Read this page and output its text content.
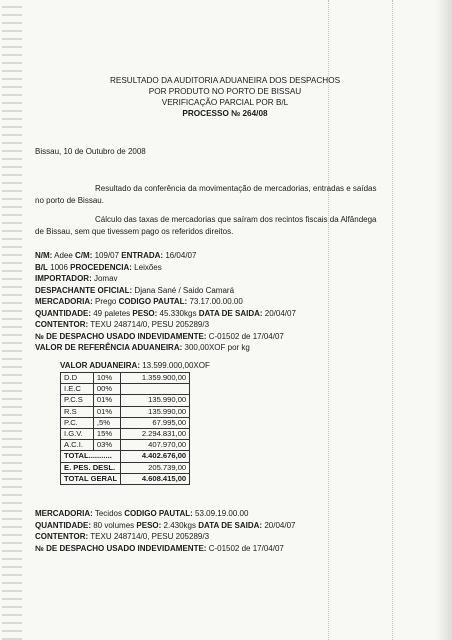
RESULTADO DA AUDITORIA ADUANEIRA DOS DESPACHOS
POR PRODUTO NO PORTO DE BISSAU
VERIFICAÇÃO PARCIAL POR B/L
PROCESSO № 264/08
Bissau, 10 de Outubro de 2008
Resultado da conferência da movimentação de mercadorias, entradas e saídas
no porto de Bissau.
Cálculo das taxas de mercadorias que saíram dos recintos fiscais da Alfândega
de Bissau, sem que tivessem pago os referidos direitos.
N/M: Adee C/M: 109/07 ENTRADA: 16/04/07
B/L 1006 PROCEDENCIA: Leixões
IMPORTADOR: Jomav
DESPACHANTE OFICIAL: Djana Sané / Saido Camará
MERCADORIA: Prego CODIGO PAUTAL: 73.17.00.00.00
QUANTIDADE: 49 paletes PESO: 45.330kgs DATA DE SAIDA: 20/04/07
CONTENTOR: TEXU 248714/0, PESU 205289/3
№ DE DESPACHO USADO INDEVIDAMENTE: C-01502 de 17/04/07
VALOR DE REFERÊNCIA ADUANEIRA: 300,00XOF por kg
VALOR ADUANEIRA: 13.599.000,00XOF
D.D	10%	1.359.900,00
I.E.C	00%	
P.C.S	01%	135.990,00
R.S	01%	135.990,00
P.C.	,5%	67.995,00
I.G.V.	15%	2.294.831,00
A.C.I.	03%	407.970,00
TOTAL...........		4.402.676,00
E. PES. DESL.		205.739,00
TOTAL GERAL		4.608.415,00
MERCADORIA: Tecidos CODIGO PAUTAL: 53.09.19.00.00
QUANTIDADE: 80 volumes PESO: 2.430kgs DATA DE SAIDA: 20/04/07
CONTENTOR: TEXU 248714/0, PESU 205289/3
№ DE DESPACHO USADO INDEVIDAMENTE: C-01502 de 17/04/07
